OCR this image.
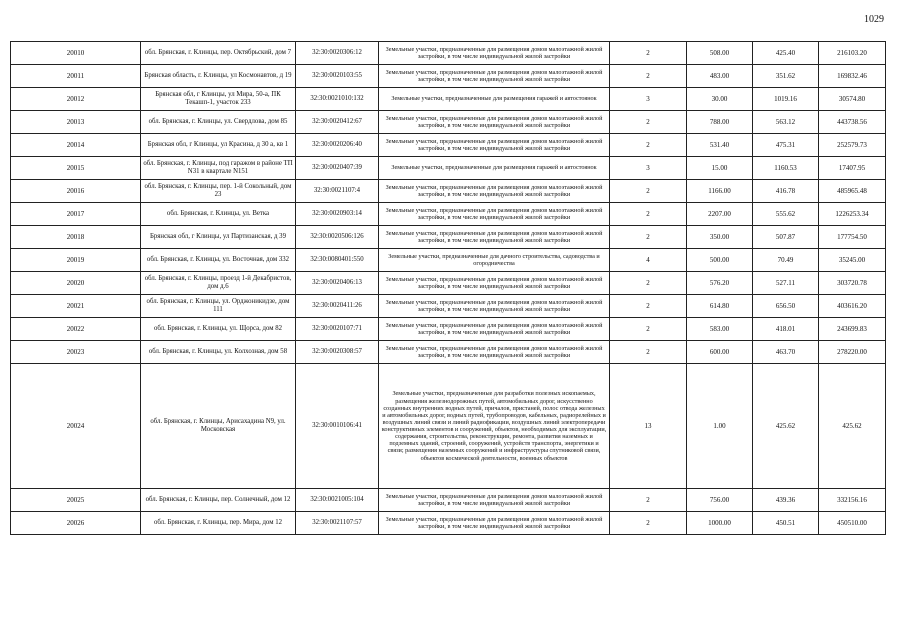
1029
20010	обл. Брянская, г. Клинцы, пер. Октябрьский, дом 7	32:30:0020306:12	Земельные участки, предназначенные для размещения домов малоэтажной жилой застройки, в том числе индивидуальной жилой застройки	2	508.00	425.40	216103.20
20011	Брянская область, г. Клинцы, ул Космонавтов, д 19	32:30:0020103:55	Земельные участки, предназначенные для размещения домов малоэтажной жилой застройки, в том числе индивидуальной жилой застройки	2	483.00	351.62	169832.46
20012	Брянская обл, г Клинцы, ул Мира, 50-а, ПК Текашп-1, участок 233	32:30:0021010:132	Земельные участки, предназначенные для размещения гаражей и автостоянок	3	30.00	1019.16	30574.80
20013	обл. Брянская, г. Клинцы, ул. Свердлова, дом 85	32:30:0020412:67	Земельные участки, предназначенные для размещения домов малоэтажной жилой застройки, в том числе индивидуальной жилой застройки	2	788.00	563.12	443738.56
20014	Брянская обл, г Клинцы, ул Красина, д 30 а, кв 1	32:30:0020206:40	Земельные участки, предназначенные для размещения домов малоэтажной жилой застройки, в том числе индивидуальной жилой застройки	2	531.40	475.31	252579.73
20015	обл. Брянская, г. Клинцы, под гаражом в районе ТП N31 в квартале N151	32:30:0020407:39	Земельные участки, предназначенные для размещения гаражей и автостоянок	3	15.00	1160.53	17407.95
20016	обл. Брянская, г. Клинцы, пер. 1-й Сокольный, дом 23	32:30:0021107:4	Земельные участки, предназначенные для размещения домов малоэтажной жилой застройки, в том числе индивидуальной жилой застройки	2	1166.00	416.78	485965.48
20017	обл. Брянская, г. Клинцы, ул. Ветка	32:30:0020903:14	Земельные участки, предназначенные для размещения домов малоэтажной жилой застройки, в том числе индивидуальной жилой застройки	2	2207.00	555.62	1226253.34
20018	Брянская обл, г Клинцы, ул Партизанская, д 39	32:30:0020506:126	Земельные участки, предназначенные для размещения домов малоэтажной жилой застройки, в том числе индивидуальной жилой застройки	2	350.00	507.87	177754.50
20019	обл. Брянская, г. Клинцы, ул. Восточная, дом 332	32:30:0080401:550	Земельные участки, предназначенные для дачного строительства, садоводства и огородничества	4	500.00	70.49	35245.00
20020	обл. Брянская, г. Клинцы, проезд 1-й Декабристов, дом д.6	32:30:0020406:13	Земельные участки, предназначенные для размещения домов малоэтажной жилой застройки, в том числе индивидуальной жилой застройки	2	576.20	527.11	303720.78
20021	обл. Брянская, г. Клинцы, ул. Орджоникидзе, дом 111	32:30:0020411:26	Земельные участки, предназначенные для размещения домов малоэтажной жилой застройки, в том числе индивидуальной жилой застройки	2	614.80	656.50	403616.20
20022	обл. Брянская, г. Клинцы, ул. Щорса, дом 82	32:30:0020107:71	Земельные участки, предназначенные для размещения домов малоэтажной жилой застройки, в том числе индивидуальной жилой застройки	2	583.00	418.01	243699.83
20023	обл. Брянская, г. Клинцы, ул. Колхозная, дом 58	32:30:0020308:57	Земельные участки, предназначенные для размещения домов малоэтажной жилой застройки, в том числе индивидуальной жилой застройки	2	600.00	463.70	278220.00
20024	обл. Брянская, г. Клинцы, Арисахадина N9, ул. Московская	32:30:0010106:41	Земельные участки, предназначенные для разработки полезных ископаемых, размещения железнодорожных путей, автомобильных дорог, искусственно созданных внутренних водных путей, причалов, пристаней, полос отвода железных и автомобильных дорог, водных путей, трубопроводов, кабельных, радиорелейных и воздушных линий связи и линий радиофикации, воздушных линий электропередачи конструктивных элементов и сооружений, объектов, необходимых для эксплуатации, содержания, строительства, реконструкции, ремонта, развития наземных и подземных зданий, строений, сооружений, устройств транспорта, энергетики и связи; размещения наземных сооружений и инфраструктуры спутниковой связи, объектов космической деятельности, военных объектов	13	1.00	425.62	425.62
20025	обл. Брянская, г. Клинцы, пер. Солнечный, дом 12	32:30:0021005:104	Земельные участки, предназначенные для размещения домов малоэтажной жилой застройки, в том числе индивидуальной жилой застройки	2	756.00	439.36	332156.16
20026	обл. Брянская, г. Клинцы, пер. Мира, дом 12	32:30:0021107:57	Земельные участки, предназначенные для размещения домов малоэтажной жилой застройки, в том числе индивидуальной жилой застройки	2	1000.00	450.51	450510.00
